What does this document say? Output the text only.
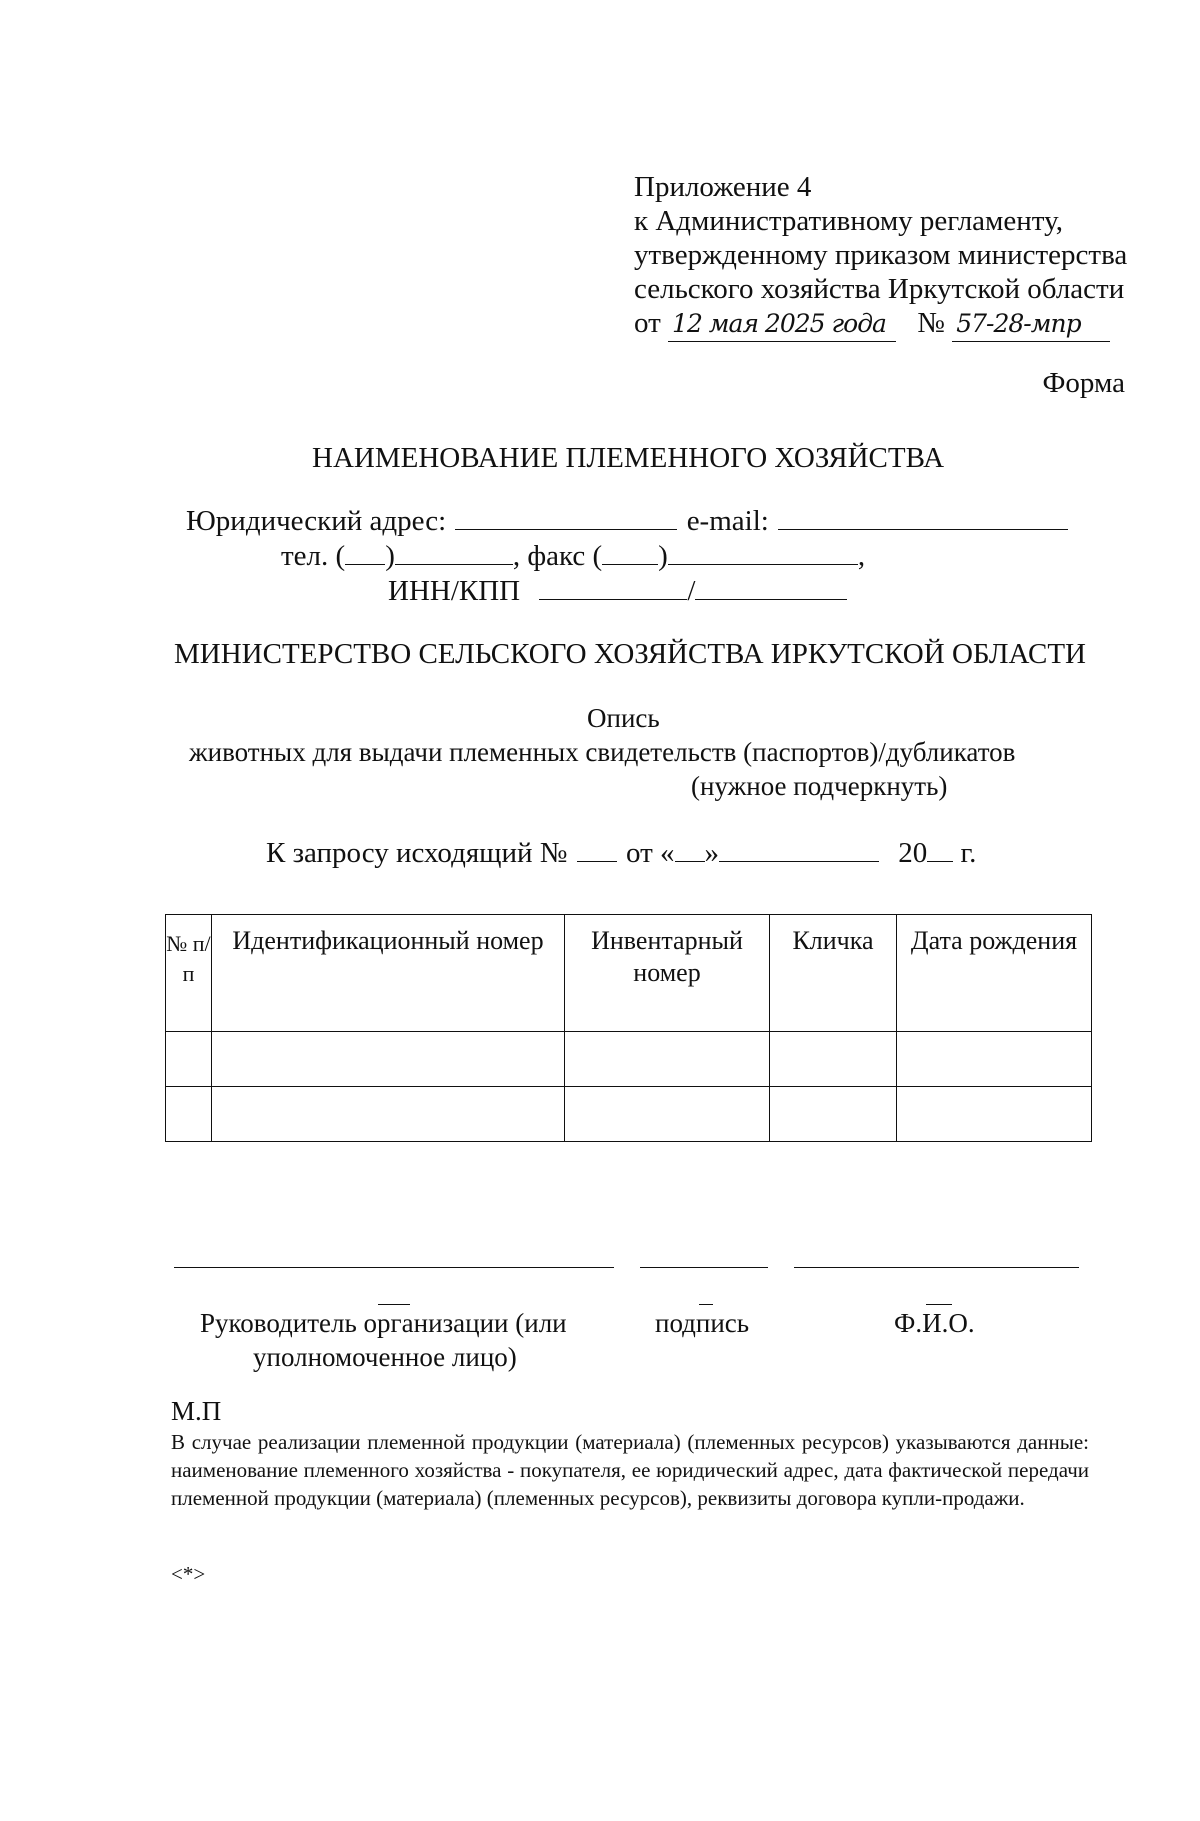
Приложение 4
к Административному регламенту,
утвержденному приказом министерства
сельского хозяйства Иркутской области
от 12 мая 2025 года № 57-28-мпр
Форма
НАИМЕНОВАНИЕ ПЛЕМЕННОГО ХОЗЯЙСТВА
Юридический адрес:	e-mail:
тел. ( )	, факс ( )	,
ИНН/КПП	/
МИНИСТЕРСТВО СЕЛЬСКОГО ХОЗЯЙСТВА ИРКУТСКОЙ ОБЛАСТИ
Опись
животных для выдачи племенных свидетельств (паспортов)/дубликатов
(нужное подчеркнуть)
К запросу исходящий № от « »	20 г.
№ п/п	Идентификационный номер	Инвентарный номер	Кличка	Дата рождения

Руководитель организации (или
уполномоченное лицо)
подпись	Ф.И.О.
М.П
В случае реализации племенной продукции (материала) (племенных ресурсов) указываются данные: наименование племенного хозяйства - покупателя, ее юридический адрес, дата фактической передачи племенной продукции (материала) (племенных ресурсов), реквизиты договора купли-продажи.
<*>
